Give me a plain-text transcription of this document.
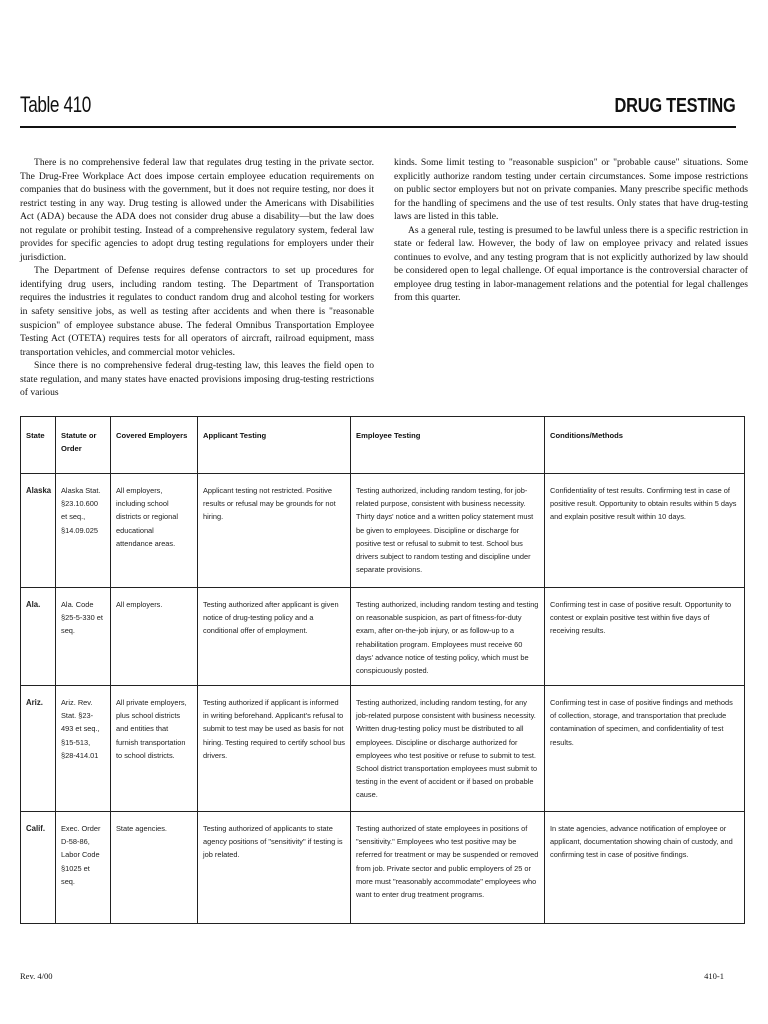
Table 410	DRUG TESTING

There is no comprehensive federal law that regulates drug testing in the private sector. The Drug-Free Workplace Act does impose certain employee education requirements on companies that do business with the government, but it does not require testing, nor does it restrict testing in any way. Drug testing is allowed under the Americans with Disabilities Act (ADA) because the ADA does not consider drug abuse a disability—but the law does not regulate or prohibit testing. Instead of a comprehensive regulatory system, federal law provides for specific agencies to adopt drug testing regulations for employers under their jurisdiction.

The Department of Defense requires defense contractors to set up procedures for identifying drug users, including random testing. The Department of Transportation requires the industries it regulates to conduct random drug and alcohol testing for workers in safety sensitive jobs, as well as testing after accidents and when there is "reasonable suspicion" of employee substance abuse. The federal Omnibus Transportation Employee Testing Act (OTETA) requires tests for all operators of aircraft, railroad equipment, mass transportation vehicles, and commercial motor vehicles.

Since there is no comprehensive federal drug-testing law, this leaves the field open to state regulation, and many states have enacted provisions imposing drug-testing restrictions of various

kinds. Some limit testing to "reasonable suspicion" or "probable cause" situations. Some explicitly authorize random testing under certain circumstances. Some impose restrictions on public sector employers but not on private companies. Many prescribe specific methods for the handling of specimens and the use of test results. Only states that have drug-testing laws are listed in this table.

As a general rule, testing is presumed to be lawful unless there is a specific restriction in state or federal law. However, the body of law on employee privacy and related issues continues to evolve, and any testing program that is not explicitly authorized by law should be considered open to legal challenge. Of equal importance is the controversial character of employee drug testing in labor-management relations and the potential for legal challenges from this quarter.

State	Statute or Order	Covered Employers	Applicant Testing	Employee Testing	Conditions/Methods
Alaska	Alaska Stat. §23.10.600 et seq., §14.09.025	All employers, including school districts or regional educational attendance areas.	Applicant testing not restricted. Positive results or refusal may be grounds for not hiring.	Testing authorized, including random testing, for job-related purpose, consistent with business necessity. Thirty days' notice and a written policy statement must be given to employees. Discipline or discharge for positive test or refusal to submit to test. School bus drivers subject to random testing and discipline under separate provisions.	Confidentiality of test results. Confirming test in case of positive result. Opportunity to obtain results within 5 days and explain positive result within 10 days.
Ala.	Ala. Code §25-5-330 et seq.	All employers.	Testing authorized after applicant is given notice of drug-testing policy and a conditional offer of employment.	Testing authorized, including random testing and testing on reasonable suspicion, as part of fitness-for-duty exam, after on-the-job injury, or as follow-up to a rehabilitation program. Employees must receive 60 days' advance notice of testing policy, which must be conspicuously posted.	Confirming test in case of positive result. Opportunity to contest or explain positive test within five days of receiving results.
Ariz.	Ariz. Rev. Stat. §23-493 et seq., §15-513, §28-414.01	All private employers, plus school districts and entities that furnish transportation to school districts.	Testing authorized if applicant is informed in writing beforehand. Applicant's refusal to submit to test may be used as basis for not hiring. Testing required to certify school bus drivers.	Testing authorized, including random testing, for any job-related purpose consistent with business necessity. Written drug-testing policy must be distributed to all employees. Discipline or discharge authorized for employees who test positive or refuse to submit to test. School district transportation employees must submit to testing in the event of accident or if based on probable cause.	Confirming test in case of positive findings and methods of collection, storage, and transportation that preclude contamination of specimen, and confidentiality of test results.
Calif.	Exec. Order D-58-86, Labor Code §1025 et seq.	State agencies.	Testing authorized of applicants to state agency positions of "sensitivity" if testing is job related.	Testing authorized of state employees in positions of "sensitivity." Employees who test positive may be referred for treatment or may be suspended or removed from job. Private sector and public employers of 25 or more must "reasonably accommodate" employees who want to enter drug treatment programs.	In state agencies, advance notification of employee or applicant, documentation showing chain of custody, and confirming test in case of positive findings.
Rev. 4/00	410-1
